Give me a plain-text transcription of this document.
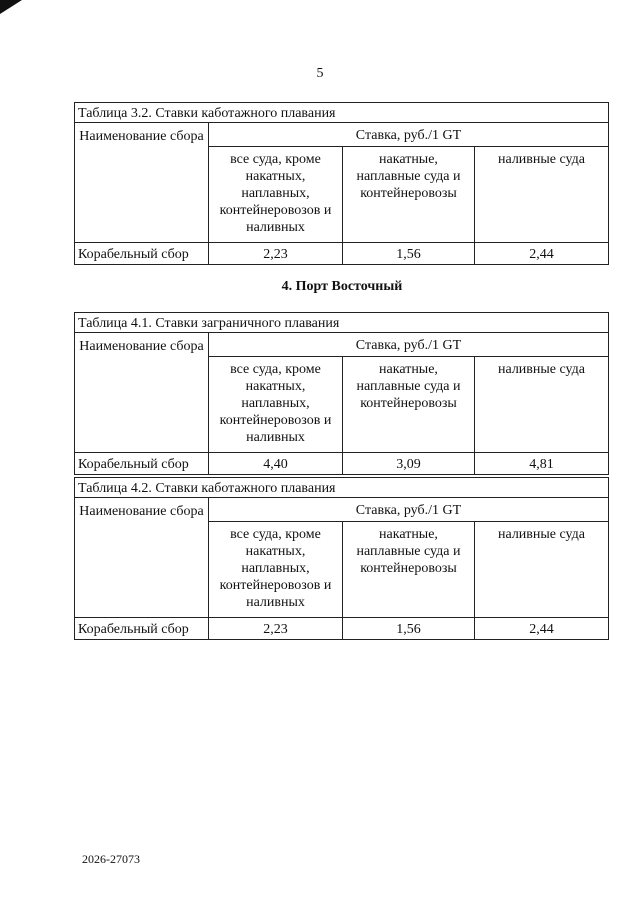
5
Таблица 3.2. Ставки каботажного плавания			
Наименование сбора	Ставка, руб./1 GT		
	все суда, кроме накатных, наплавных, контейнеровозов и наливных	накатные, наплавные суда и контейнеровозы	наливные суда
Корабельный сбор	2,23	1,56	2,44
4. Порт Восточный
Таблица 4.1. Ставки заграничного плавания			
Наименование сбора	Ставка, руб./1 GT		
	все суда, кроме накатных, наплавных, контейнеровозов и наливных	накатные, наплавные суда и контейнеровозы	наливные суда
Корабельный сбор	4,40	3,09	4,81
Таблица 4.2. Ставки каботажного плавания			
Наименование сбора	Ставка, руб./1 GT		
	все суда, кроме накатных, наплавных, контейнеровозов и наливных	накатные, наплавные суда и контейнеровозы	наливные суда
Корабельный сбор	2,23	1,56	2,44
2026-27073
